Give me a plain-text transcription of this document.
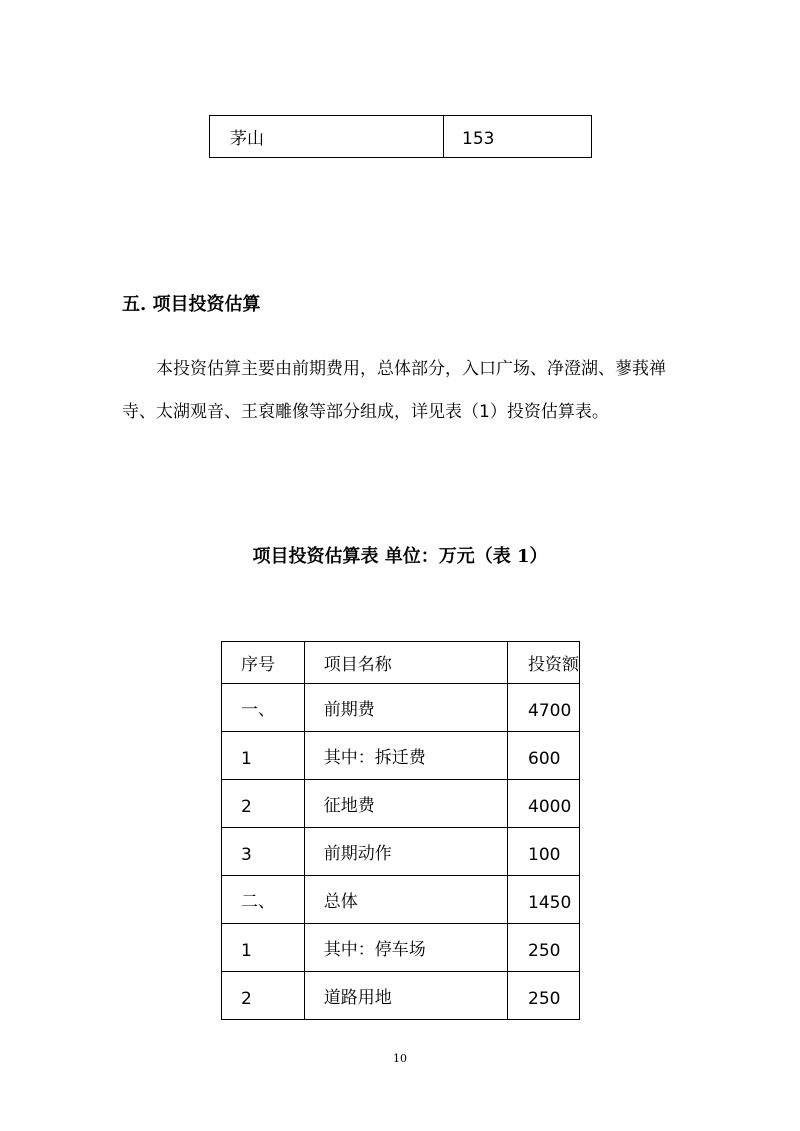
茅山	153
五. 项目投资估算

本投资估算主要由前期费用，总体部分，入口广场、净澄湖、蓼莪禅寺、太湖观音、王裒雕像等部分组成，详见表（1）投资估算表。

项目投资估算表 单位：万元（表 1）
序号	项目名称	投资额
一、	前期费	4700
1	其中：拆迁费	600
2	征地费	4000
3	前期动作	100
二、	总体	1450
1	其中：停车场	250
2	道路用地	250
10
